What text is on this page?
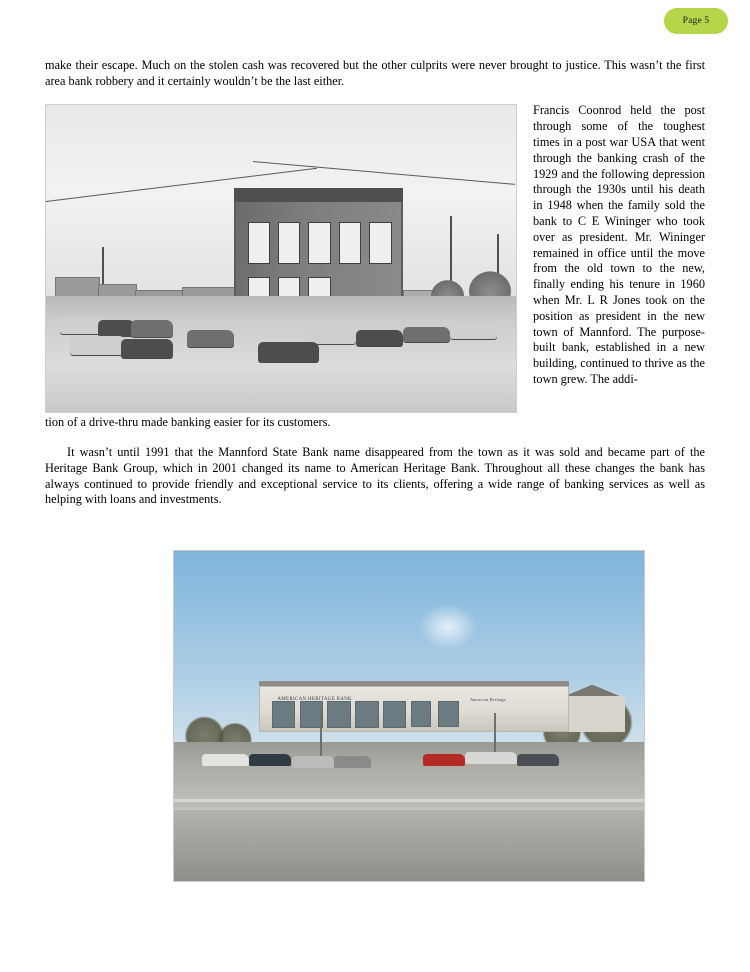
Page 5

make their escape. Much on the stolen cash was recovered but the other culprits were never brought to justice. This wasn’t the first area bank robbery and it certainly wouldn’t be the last either.

Francis Coonrod held the post through some of the toughest times in a post war USA that went through the banking crash of the 1929 and the following depression through the 1930s until his death in 1948 when the family sold the bank to C E Wininger who took over as president. Mr. Wininger remained in office until the move from the old town to the new, finally ending his tenure in 1960 when Mr. L R Jones took on the position as president in the new town of Mannford. The purpose-built bank, established in a new building, continued to thrive as the town grew. The addi-

tion of a drive-thru made banking easier for its customers.

It wasn’t until 1991 that the Mannford State Bank name disappeared from the town as it was sold and became part of the Heritage Bank Group, which in 2001 changed its name to American Heritage Bank. Throughout all these changes the bank has always continued to provide friendly and exceptional service to its clients, offering a wide range of banking services as well as helping with loans and investments.

AMERICAN HERITAGE BANK	American Heritage
